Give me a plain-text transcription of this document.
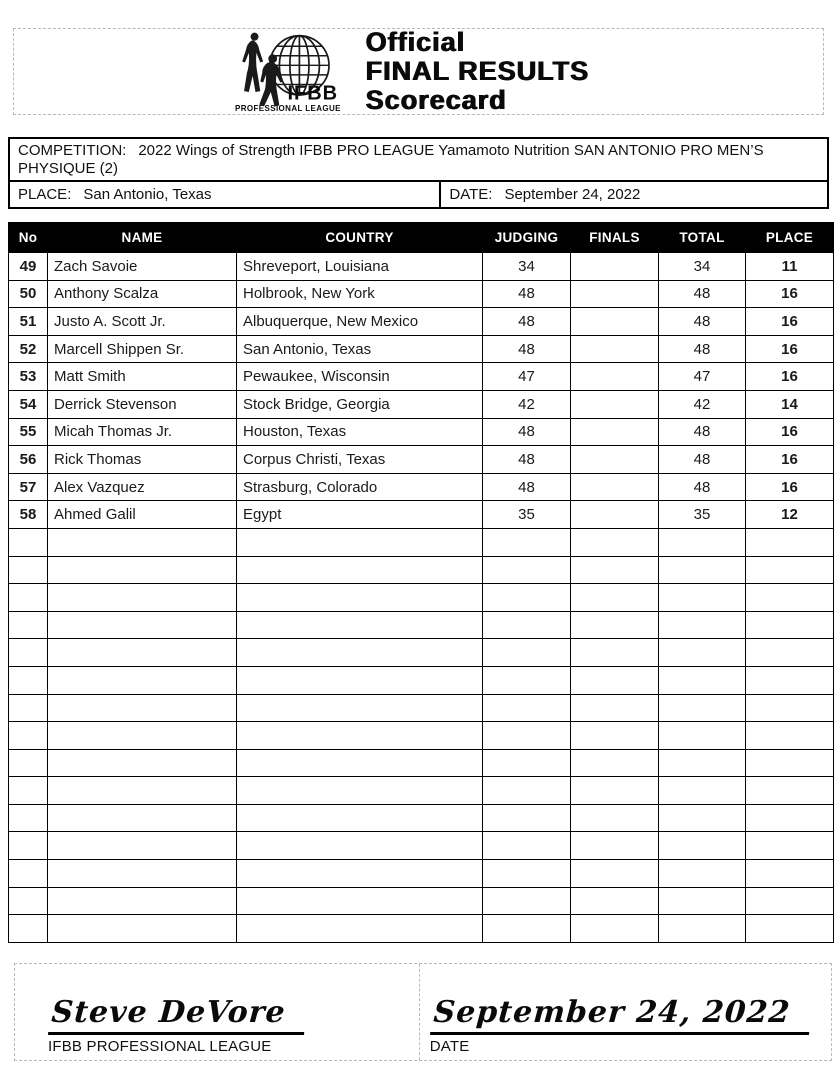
IFBB
PROFESSIONAL LEAGUE
Official
FINAL RESULTS
Scorecard
COMPETITION: 2022 Wings of Strength IFBB PRO LEAGUE Yamamoto Nutrition SAN ANTONIO PRO MEN’S PHYSIQUE (2)
PLACE: San Antonio, Texas	DATE: September 24, 2022
No	NAME	COUNTRY	JUDGING	FINALS	TOTAL	PLACE
49	Zach Savoie	Shreveport, Louisiana	34		34	11
50	Anthony Scalza	Holbrook, New York	48		48	16
51	Justo A. Scott Jr.	Albuquerque, New Mexico	48		48	16
52	Marcell Shippen Sr.	San Antonio, Texas	48		48	16
53	Matt Smith	Pewaukee, Wisconsin	47		47	16
54	Derrick Stevenson	Stock Bridge, Georgia	42		42	14
55	Micah Thomas Jr.	Houston, Texas	48		48	16
56	Rick Thomas	Corpus Christi, Texas	48		48	16
57	Alex Vazquez	Strasburg, Colorado	48		48	16
58	Ahmed Galil	Egypt	35		35	12

Steve DeVore
IFBB PROFESSIONAL LEAGUE
September 24, 2022
DATE
